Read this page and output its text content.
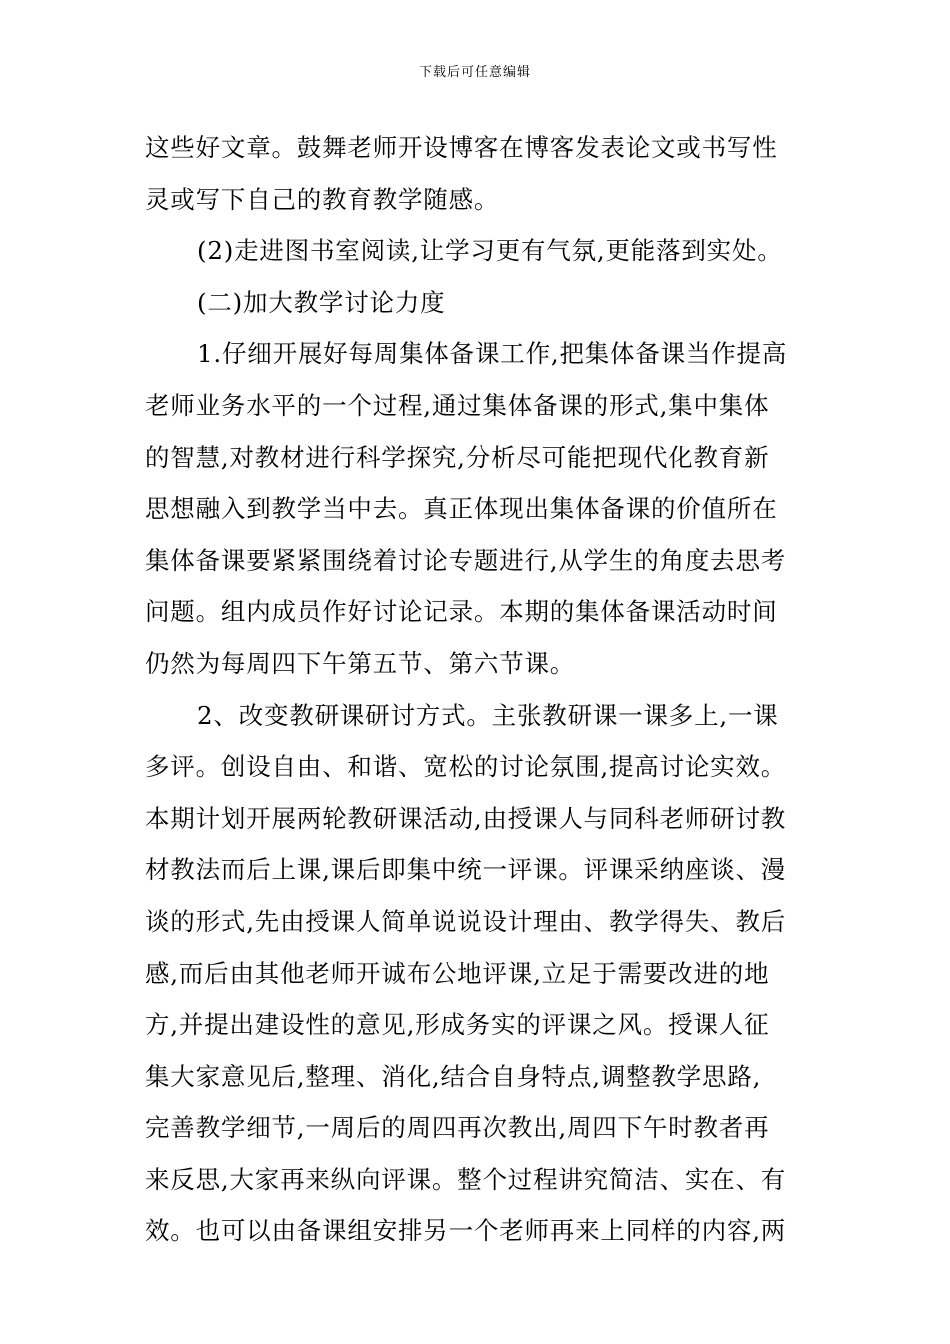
下载后可任意编辑
这些好文章。鼓舞老师开设博客在博客发表论文或书写性
灵或写下自己的教育教学随感。
(2)走进图书室阅读,让学习更有气氛,更能落到实处。
(二)加大教学讨论力度
1.仔细开展好每周集体备课工作,把集体备课当作提高
老师业务水平的一个过程,通过集体备课的形式,集中集体
的智慧,对教材进行科学探究,分析尽可能把现代化教育新
思想融入到教学当中去。真正体现出集体备课的价值所在
集体备课要紧紧围绕着讨论专题进行,从学生的角度去思考
问题。组内成员作好讨论记录。本期的集体备课活动时间
仍然为每周四下午第五节、第六节课。
2、改变教研课研讨方式。主张教研课一课多上,一课
多评。创设自由、和谐、宽松的讨论氛围,提高讨论实效。
本期计划开展两轮教研课活动,由授课人与同科老师研讨教
材教法而后上课,课后即集中统一评课。评课采纳座谈、漫
谈的形式,先由授课人简单说说设计理由、教学得失、教后
感,而后由其他老师开诚布公地评课,立足于需要改进的地
方,并提出建设性的意见,形成务实的评课之风。授课人征
集大家意见后,整理、消化,结合自身特点,调整教学思路,
完善教学细节,一周后的周四再次教出,周四下午时教者再
来反思,大家再来纵向评课。整个过程讲究简洁、实在、有
效。也可以由备课组安排另一个老师再来上同样的内容,两
